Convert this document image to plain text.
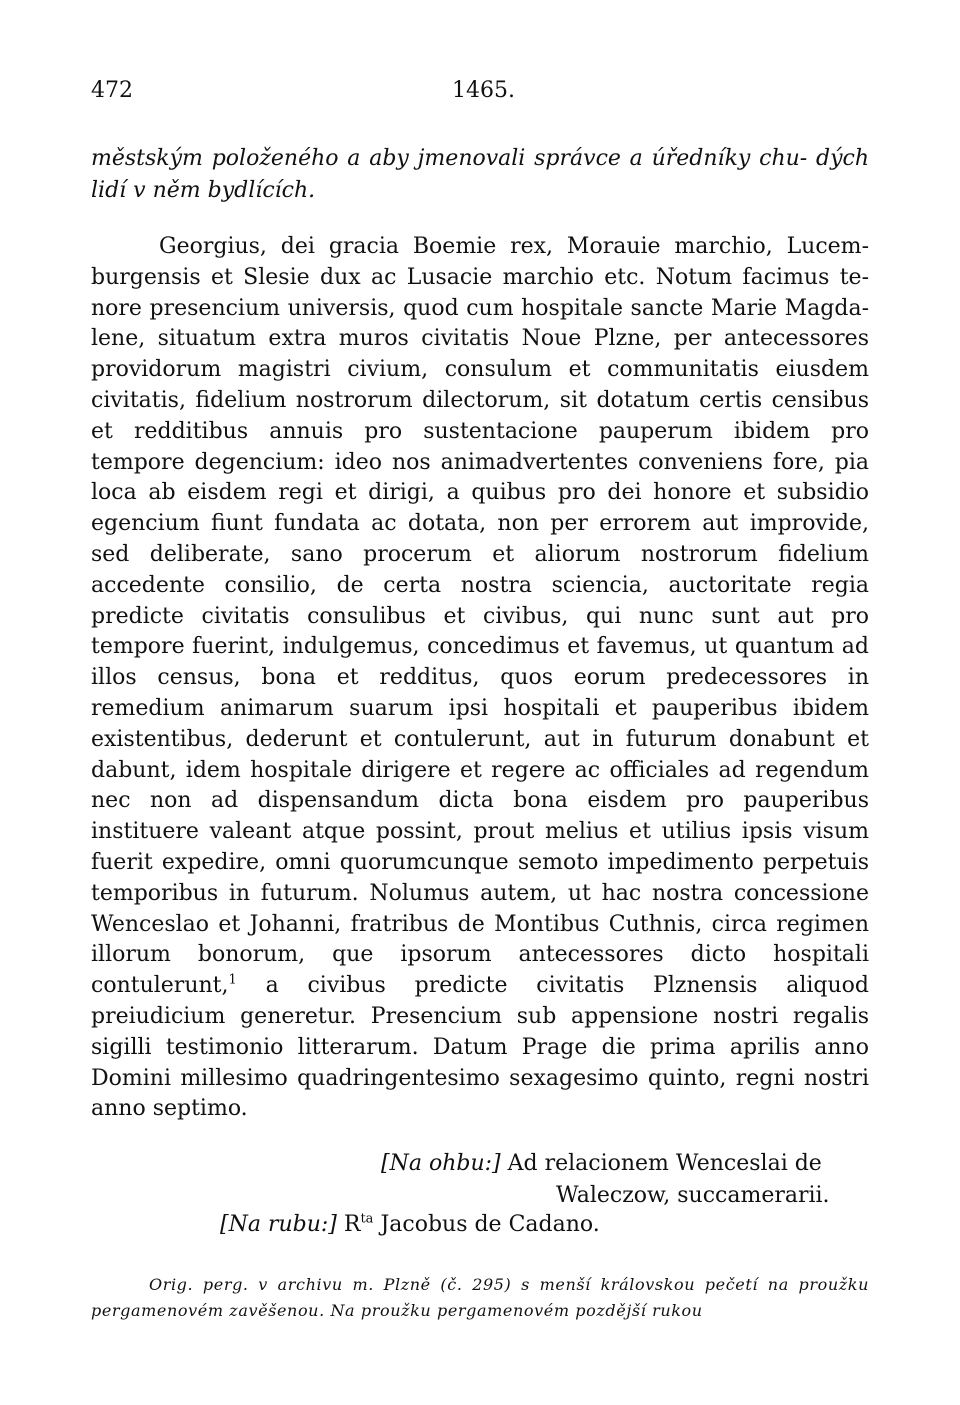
472	1465.
městským položeného a aby jmenovali správce a úředníky chu- dých lidí v něm bydlících.

Georgius, dei gracia Boemie rex, Morauie marchio, Lucemburgensis et Slesie dux ac Lusacie marchio etc. Notum facimus tenore presencium universis, quod cum hospitale sancte Marie Magdalene, situatum extra muros civitatis Noue Plzne, per antecessores providorum magistri civium, consulum et communitatis eiusdem civitatis, fidelium nostrorum dilectorum, sit dotatum certis censibus et redditibus annuis pro sustentacione pauperum ibidem pro tempore degencium: ideo nos animadvertentes conveniens fore, pia loca ab eisdem regi et dirigi, a quibus pro dei honore et subsidio egencium fiunt fundata ac dotata, non per errorem aut improvide, sed deliberate, sano procerum et aliorum nostrorum fidelium accedente consilio, de certa nostra sciencia, auctoritate regia predicte civitatis consulibus et civibus, qui nunc sunt aut pro tempore fuerint, indulgemus, concedimus et favemus, ut quantum ad illos census, bona et redditus, quos eorum predecessores in remedium animarum suarum ipsi hospitali et pauperibus ibidem existentibus, dederunt et contulerunt, aut in futurum donabunt et dabunt, idem hospitale dirigere et regere ac officiales ad regendum nec non ad dispensandum dicta bona eisdem pro pauperibus instituere valeant atque possint, prout melius et utilius ipsis visum fuerit expedire, omni quorumcunque semoto impedimento perpetuis temporibus in futurum. Nolumus autem, ut hac nostra concessione Wenceslao et Johanni, fratribus de Montibus Cuthnis, circa regimen illorum bonorum, que ipsorum antecessores dicto hospitali contulerunt,$^1$ a civibus predicte civitatis Plznensis aliquod preiudicium generetur. Presencium sub appensione nostri regalis sigilli testimonio litterarum. Datum Prage die prima aprilis anno Domini millesimo quadringentesimo sexagesimo quinto, regni nostri anno septimo.

[Na ohbu:] Ad relacionem Wenceslai de
Waleczow, succamerarii.
[Na rubu:] $R^{ta}$ Jacobus de Cadano.

Orig. perg. v archivu m. Plzně (č. 295) s menší královskou pečetí na proužku pergamenovém zavěšenou. Na proužku pergamenovém pozdější rukou
